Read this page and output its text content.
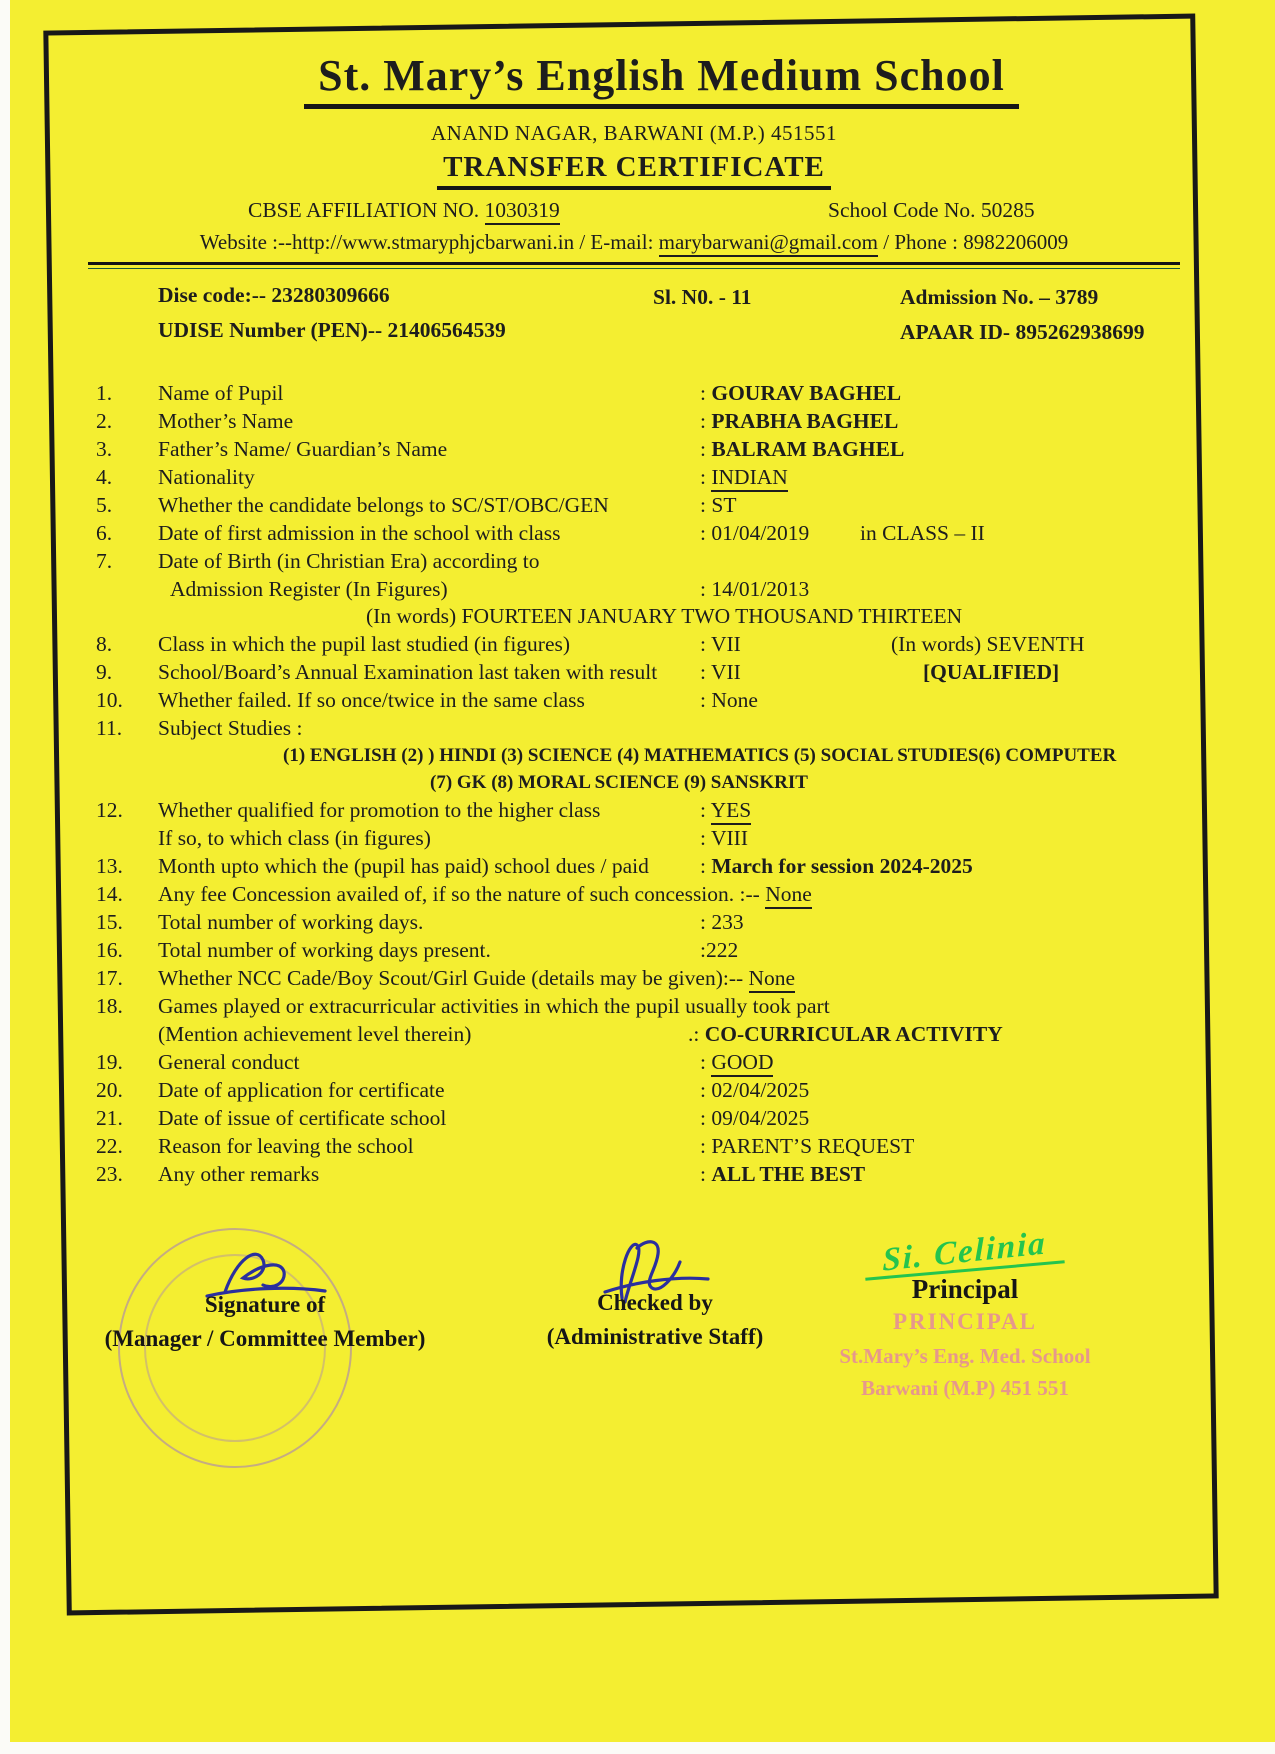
St. Mary’s English Medium School
ANAND NAGAR, BARWANI (M.P.) 451551
TRANSFER CERTIFICATE
CBSE AFFILIATION NO. 1030319	School Code No. 50285
Website :--http://www.stmaryphjcbarwani.in / E-mail: marybarwani@gmail.com / Phone : 8982206009
Dise code:-- 23280309666
UDISE Number (PEN)-- 21406564539
Sl. N0. - 11	Admission No. – 3789
APAAR ID- 895262938699
1.	Name of Pupil	: GOURAV BAGHEL
2.	Mother’s Name	: PRABHA BAGHEL
3.	Father’s Name/ Guardian’s Name	: BALRAM BAGHEL
4.	Nationality	: INDIAN
5.	Whether the candidate belongs to SC/ST/OBC/GEN	: ST
6.	Date of first admission in the school with class	: 01/04/2019 in CLASS – II
7.	Date of Birth (in Christian Era) according to
Admission Register (In Figures)	: 14/01/2013
(In words) FOURTEEN JANUARY TWO THOUSAND THIRTEEN
8.	Class in which the pupil last studied (in figures)	: VII	(In words) SEVENTH
9.	School/Board’s Annual Examination last taken with result : VII	[QUALIFIED]
10.	Whether failed. If so once/twice in the same class	: None
11.	Subject Studies :
(1) ENGLISH (2) ) HINDI (3) SCIENCE (4) MATHEMATICS (5) SOCIAL STUDIES(6) COMPUTER
(7) GK (8) MORAL SCIENCE (9) SANSKRIT
12.	Whether qualified for promotion to the higher class	: YES
If so, to which class (in figures)	: VIII
13.	Month upto which the (pupil has paid) school dues / paid : March for session 2024-2025
14.	Any fee Concession availed of, if so the nature of such concession. :-- None
15.	Total number of working days.	: 233
16.	Total number of working days present.	:222
17.	Whether NCC Cade/Boy Scout/Girl Guide (details may be given):-- None
18.	Games played or extracurricular activities in which the pupil usually took part
(Mention achievement level therein)	.: CO-CURRICULAR ACTIVITY
19.	General conduct	: GOOD
20.	Date of application for certificate	: 02/04/2025
21.	Date of issue of certificate school	: 09/04/2025
22.	Reason for leaving the school	: PARENT’S REQUEST
23.	Any other remarks	: ALL THE BEST
Signature of
(Manager / Committee Member)
Checked by
(Administrative Staff)
Si. Celinia
Principal
PRINCIPAL
St.Mary’s Eng. Med. School
Barwani (M.P) 451 551
